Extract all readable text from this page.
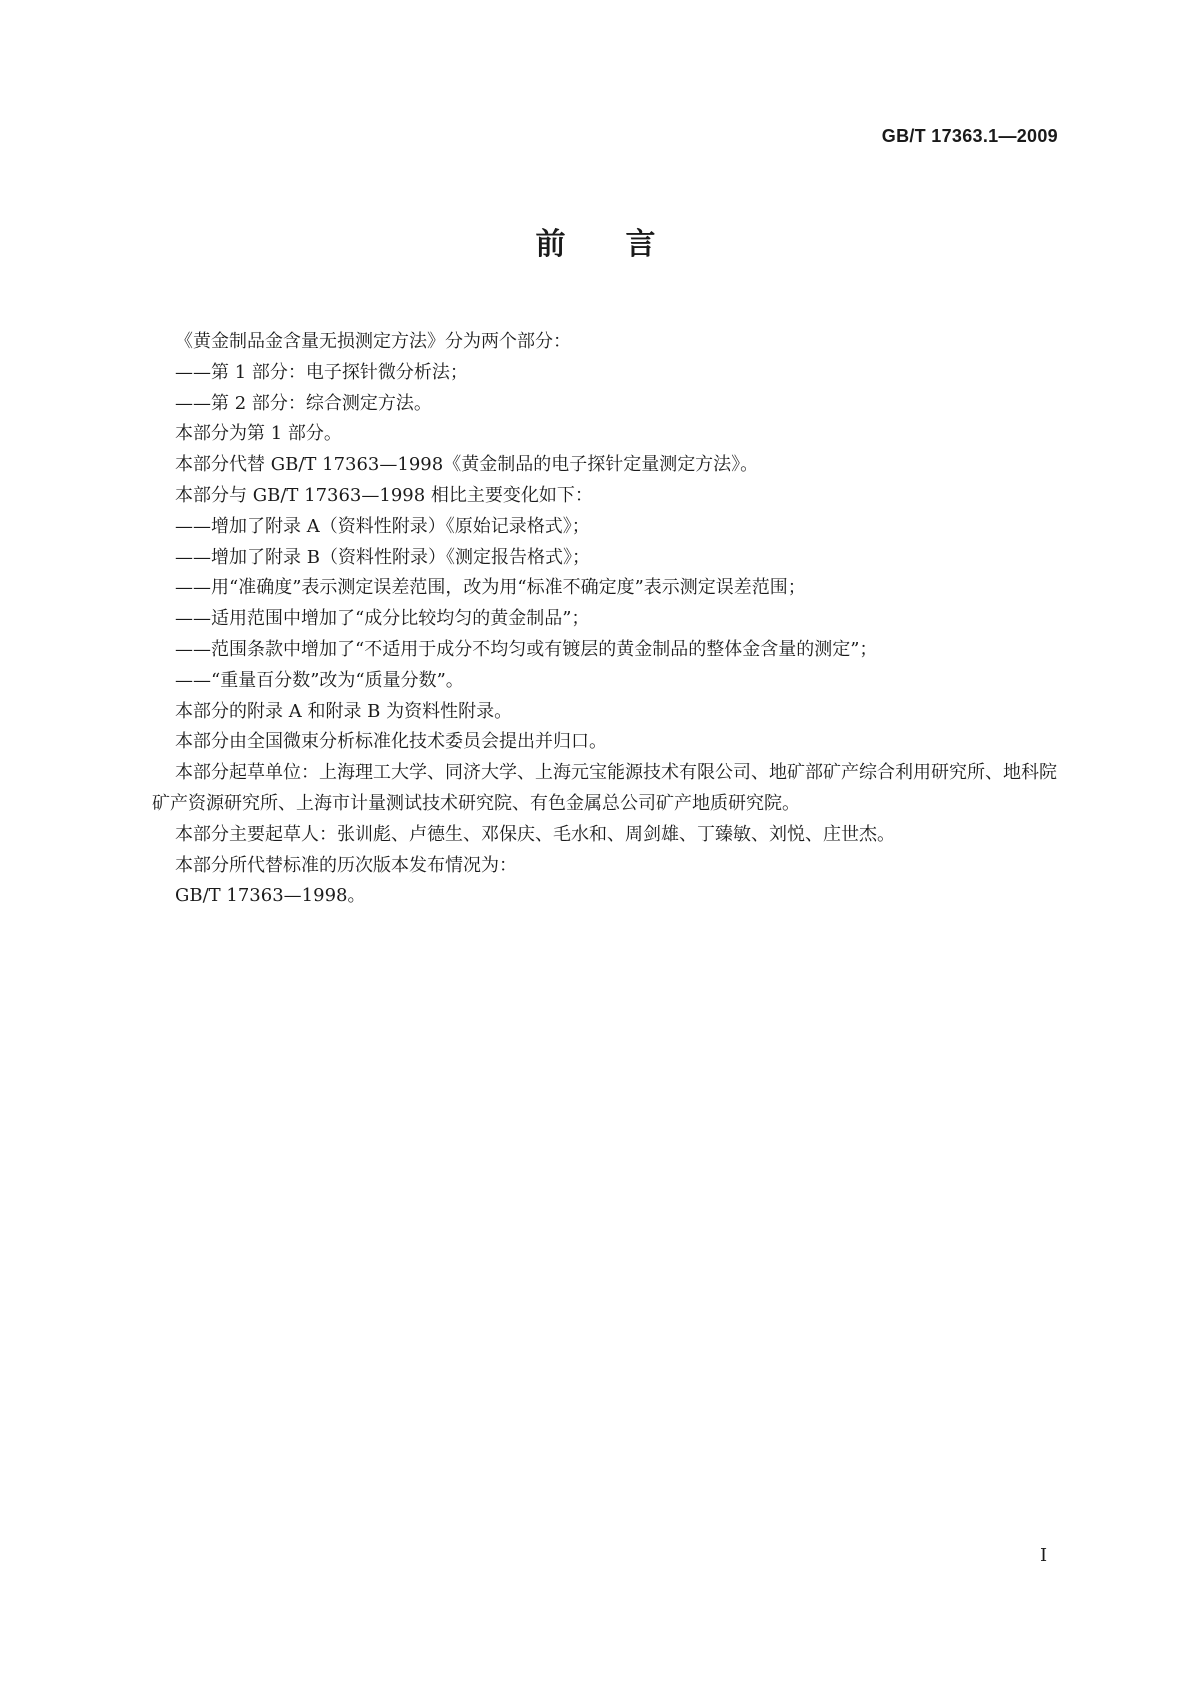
GB/T 17363.1—2009
前言

《黄金制品金含量无损测定方法》分为两个部分：

——第 1 部分：电子探针微分析法；

——第 2 部分：综合测定方法。

本部分为第 1 部分。

本部分代替 GB/T 17363—1998《黄金制品的电子探针定量测定方法》。

本部分与 GB/T 17363—1998 相比主要变化如下：

——增加了附录 A（资料性附录）《原始记录格式》；

——增加了附录 B（资料性附录）《测定报告格式》；

——用“准确度”表示测定误差范围，改为用“标准不确定度”表示测定误差范围；

——适用范围中增加了“成分比较均匀的黄金制品”；

——范围条款中增加了“不适用于成分不均匀或有镀层的黄金制品的整体金含量的测定”；

——“重量百分数”改为“质量分数”。

本部分的附录 A 和附录 B 为资料性附录。

本部分由全国微束分析标准化技术委员会提出并归口。

本部分起草单位：上海理工大学、同济大学、上海元宝能源技术有限公司、地矿部矿产综合利用研究所、地科院矿产资源研究所、上海市计量测试技术研究院、有色金属总公司矿产地质研究院。

本部分主要起草人：张训彪、卢德生、邓保庆、毛水和、周剑雄、丁臻敏、刘悦、庄世杰。

本部分所代替标准的历次版本发布情况为：

GB/T 17363—1998。

I
